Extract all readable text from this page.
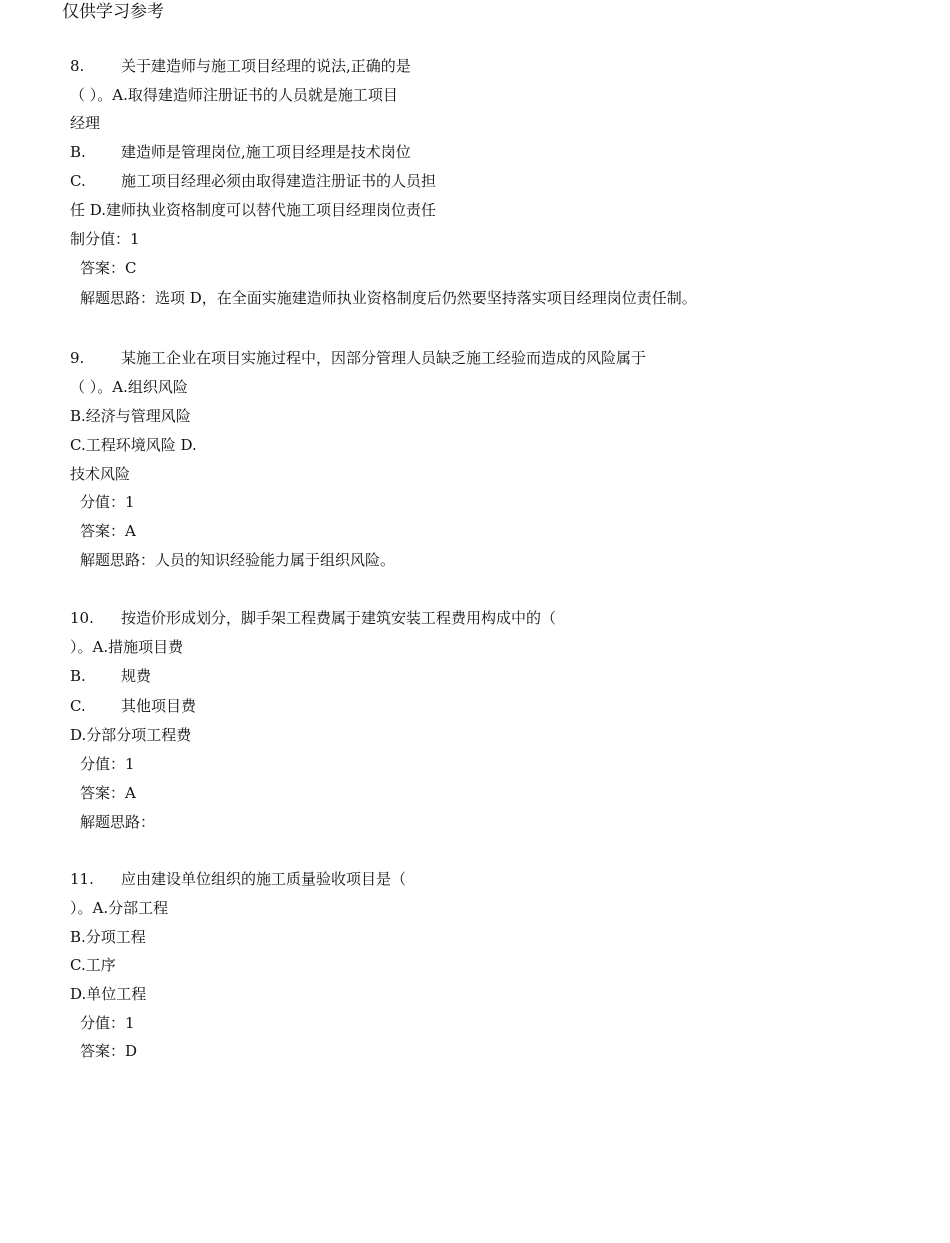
仅供学习参考
8. 关于建造师与施工项目经理的说法,正确的是
（ ）。A.取得建造师注册证书的人员就是施工项目
经理
B. 建造师是管理岗位,施工项目经理是技术岗位
C. 施工项目经理必须由取得建造注册证书的人员担
任 D.建师执业资格制度可以替代施工项目经理岗位责任
制分值：1
答案：C
解题思路：选项 D，在全面实施建造师执业资格制度后仍然要坚持落实项目经理岗位责任制。
9. 某施工企业在项目实施过程中，因部分管理人员缺乏施工经验而造成的风险属于
（ ）。A.组织风险
B.经济与管理风险
C.工程环境风险 D.
技术风险
分值：1
答案：A
解题思路：人员的知识经验能力属于组织风险。
10. 按造价形成划分，脚手架工程费属于建筑安装工程费用构成中的（
）。A.措施项目费
B. 规费
C. 其他项目费
D.分部分项工程费
分值：1
答案：A
解题思路：
11. 应由建设单位组织的施工质量验收项目是（
）。A.分部工程
B.分项工程
C.工序
D.单位工程
分值：1
答案：D
